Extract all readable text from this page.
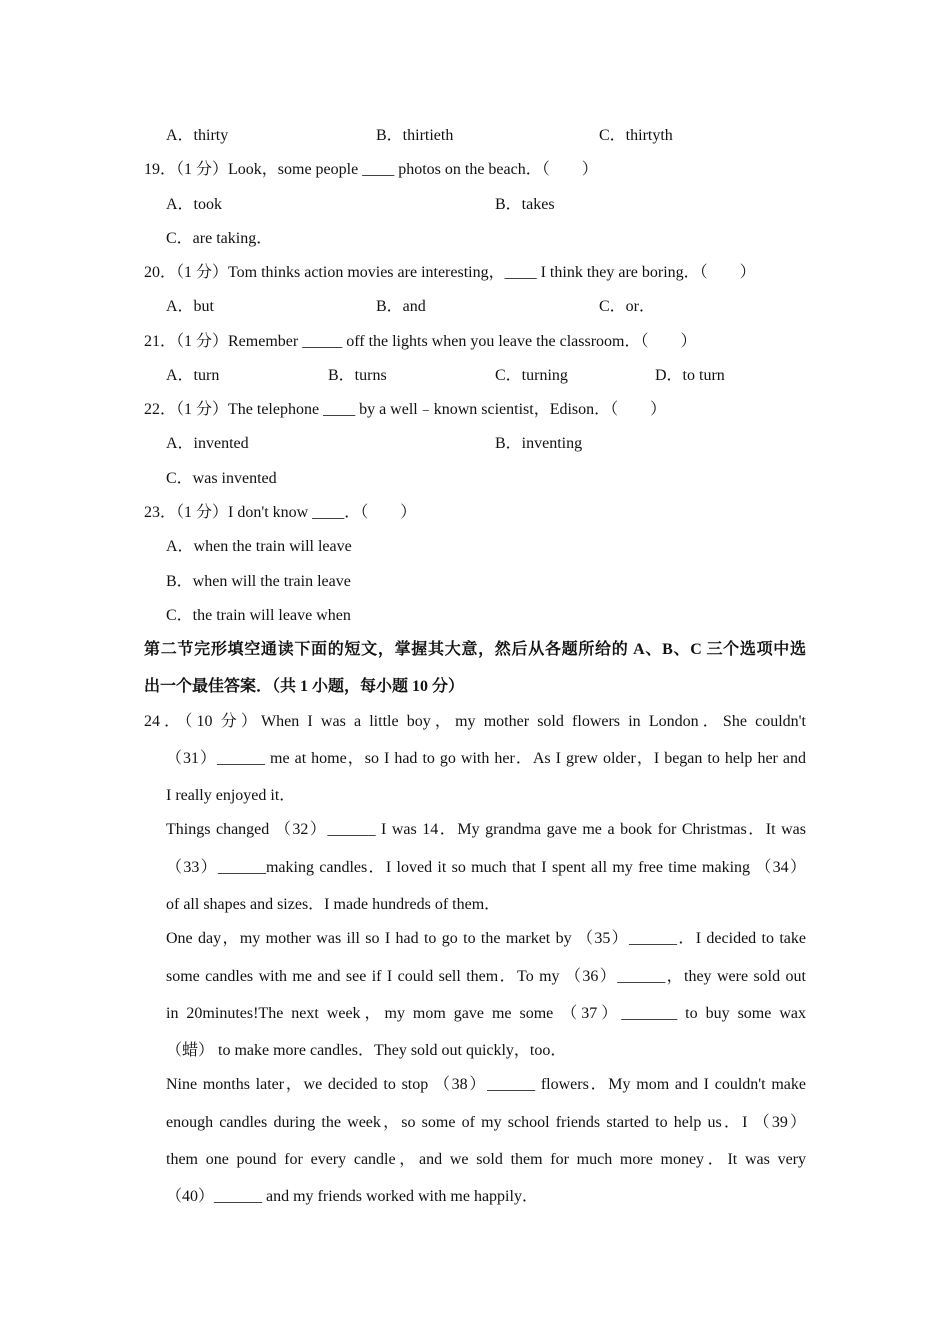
A．thirty	B．thirtieth	C．thirtyth
19．（1 分）Look，some people ____ photos on the beach．（　　）
A．took	B．takes
C．are taking．
20．（1 分）Tom thinks action movies are interesting，____ I think they are boring．（　　）
A．but	B．and	C．or．
21．（1 分）Remember _____ off the lights when you leave the classroom．（　　）
A．turn	B．turns	C．turning	D．to turn
22．（1 分）The telephone ____ by a well﹣known scientist，Edison．（　　）
A．invented	B．inventing
C．was invented
23．（1 分）I don't know ____．（　　）
A．when the train will leave
B．when will the train leave
C．the train will leave when
第二节完形填空通读下面的短文，掌握其大意，然后从各题所给的 A、B、C 三个选项中选
出一个最佳答案．（共 1 小题，每小题 10 分）
24．（10 分）When I was a little boy，my mother sold flowers in London．She couldn't
（31）______ me at home，so I had to go with her．As I grew older，I began to help her and
I really enjoyed it．
Things changed （32）______ I was 14．My grandma gave me a book for Christmas．It was
（33）______making candles．I loved it so much that I spent all my free time making （34）
of all shapes and sizes．I made hundreds of them．
One day，my mother was ill so I had to go to the market by （35）______．I decided to take
some candles with me and see if I could sell them．To my （36）______，they were sold out
in 20minutes!The next week，my mom gave me some （37）_______ to buy some wax
（蜡） to make more candles．They sold out quickly，too．
Nine months later，we decided to stop （38）______ flowers．My mom and I couldn't make
enough candles during the week，so some of my school friends started to help us．I （39）
them one pound for every candle，and we sold them for much more money．It was very
（40）______ and my friends worked with me happily．
